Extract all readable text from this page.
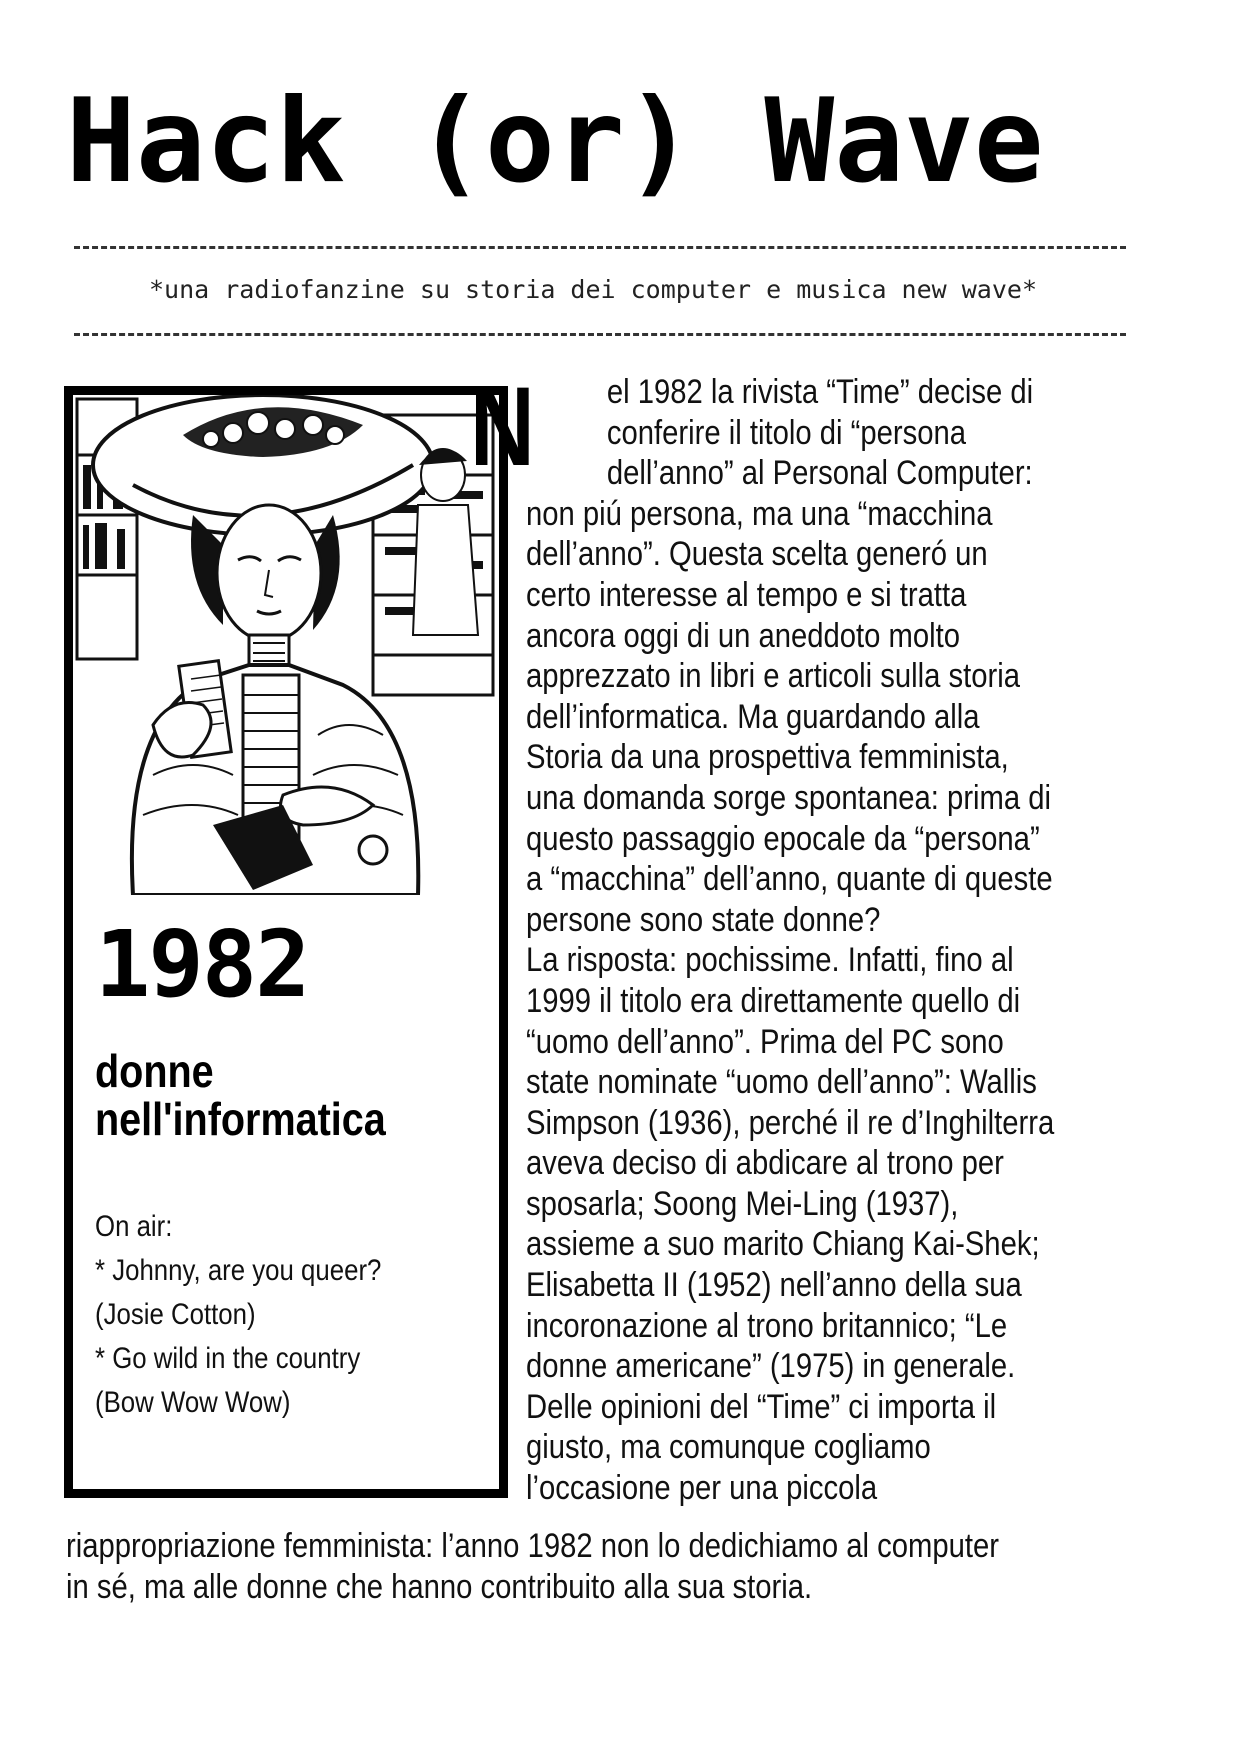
Hack (or) Wave
*una radiofanzine su storia dei computer e musica new wave*
1982
donne
nell'informatica
On air:
* Johnny, are you queer?
(Josie Cotton)
* Go wild in the country
(Bow Wow Wow)
N	el 1982 la rivista “Time” decise di
conferire il titolo di “persona
dell’anno” al Personal Computer:
non piú persona, ma una “macchina
dell’anno”. Questa scelta generó un
certo interesse al tempo e si tratta
ancora oggi di un aneddoto molto
apprezzato in libri e articoli sulla storia
dell’informatica. Ma guardando alla
Storia da una prospettiva femminista,
una domanda sorge spontanea: prima di
questo passaggio epocale da “persona”
a “macchina” dell’anno, quante di queste
persone sono state donne?
La risposta: pochissime. Infatti, fino al
1999 il titolo era direttamente quello di
“uomo dell’anno”. Prima del PC sono
state nominate “uomo dell’anno”: Wallis
Simpson (1936), perché il re d’Inghilterra
aveva deciso di abdicare al trono per
sposarla; Soong Mei-Ling (1937),
assieme a suo marito Chiang Kai-Shek;
Elisabetta II (1952) nell’anno della sua
incoronazione al trono britannico; “Le
donne americane” (1975) in generale.
Delle opinioni del “Time” ci importa il
giusto, ma comunque cogliamo
l’occasione per una piccola
riappropriazione femminista: l’anno 1982 non lo dedichiamo al computer
in sé, ma alle donne che hanno contribuito alla sua storia.
